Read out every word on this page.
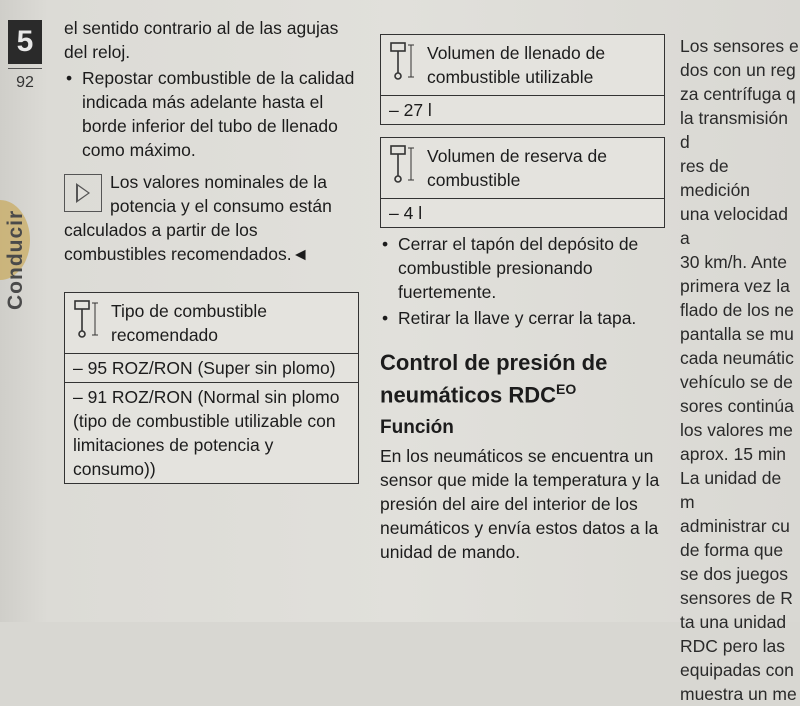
5
92
Conducir

el sentido contrario al de las agujas del reloj.

• Repostar combustible de la calidad indicada más adelante hasta el borde inferior del tubo de llenado como máximo.

Los valores nominales de la potencia y el consumo están calculados a partir de los combustibles recomendados.◄
Tipo de combustible recomendado
– 95 ROZ/RON (Super sin plomo)
– 91 ROZ/RON (Normal sin plomo (tipo de combustible utilizable con limitaciones de potencia y consumo))
Volumen de llenado de combustible utilizable
– 27 l
Volumen de reserva de combustible
– 4 l

• Cerrar el tapón del depósito de combustible presionando fuertemente.

• Retirar la llave y cerrar la tapa.

Control de presión de neumáticos $RDC^{EO}$
Función

En los neumáticos se encuentra un sensor que mide la temperatura y la presión del aire del interior de los neumáticos y envía estos datos a la unidad de mando.

Los sensores e
dos con un reg
za centrífuga q
la transmisión d
res de medición
una velocidad a
30 km/h. Ante
primera vez la
flado de los ne
pantalla se mu
cada neumátic
vehículo se de
sores continúa
los valores me
aprox. 15 min
La unidad de m
administrar cu
de forma que
se dos juegos
sensores de R
ta una unidad
RDC pero las
equipadas con
muestra un me
